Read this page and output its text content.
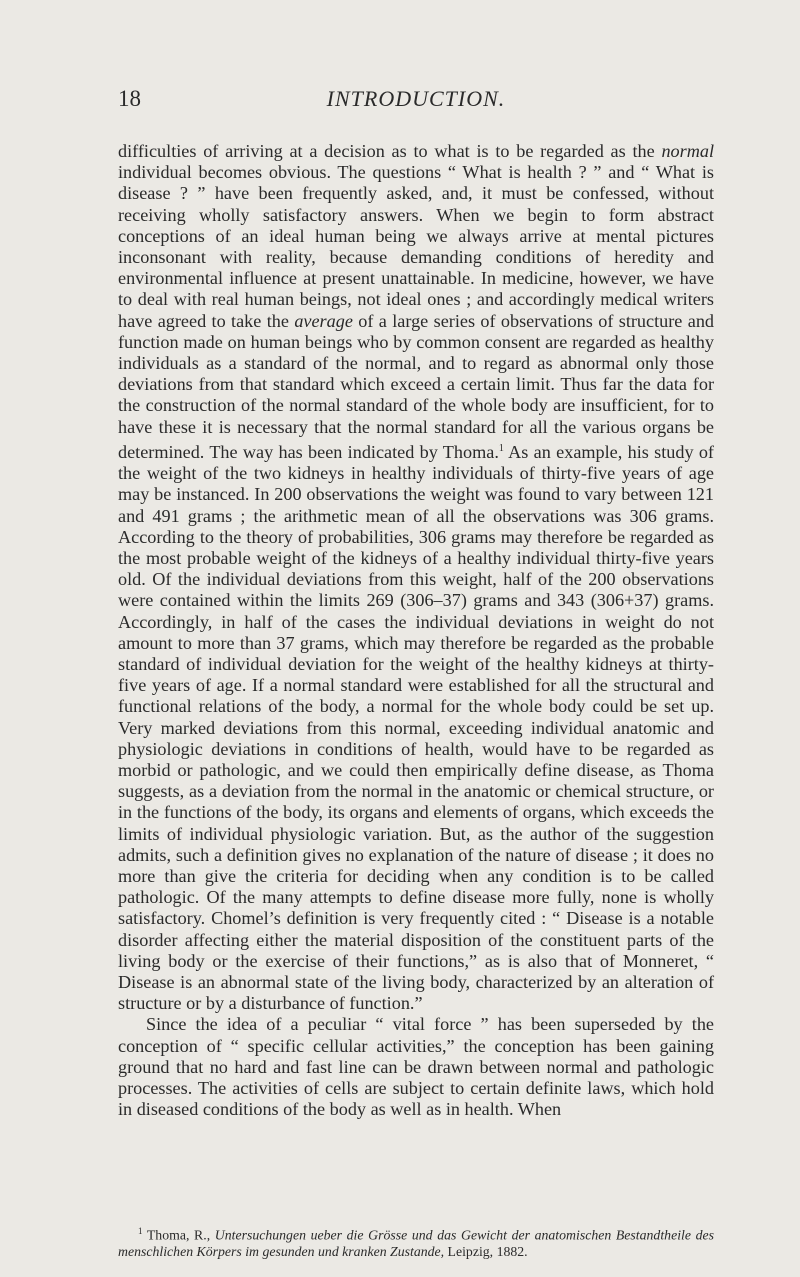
18	INTRODUCTION.

difficulties of arriving at a decision as to what is to be regarded as the normal individual becomes obvious. The questions “ What is health ? ” and “ What is disease ? ” have been frequently asked, and, it must be confessed, without receiving wholly satisfactory answers. When we begin to form abstract conceptions of an ideal human being we always arrive at mental pictures inconsonant with reality, because demanding conditions of heredity and environmental influence at present unattainable. In medicine, however, we have to deal with real human beings, not ideal ones ; and accordingly medical writers have agreed to take the average of a large series of observations of structure and function made on human beings who by common consent are regarded as healthy individuals as a standard of the normal, and to regard as abnormal only those deviations from that standard which exceed a certain limit. Thus far the data for the construction of the normal standard of the whole body are insufficient, for to have these it is necessary that the normal standard for all the various organs be determined. The way has been indicated by Thoma.$^1$ As an example, his study of the weight of the two kidneys in healthy individuals of thirty-five years of age may be instanced. In 200 observations the weight was found to vary between 121 and 491 grams ; the arithmetic mean of all the observations was 306 grams. According to the theory of probabilities, 306 grams may therefore be regarded as the most probable weight of the kidneys of a healthy individual thirty-five years old. Of the individual deviations from this weight, half of the 200 observations were contained within the limits 269 (306–37) grams and 343 (306+37) grams. Accordingly, in half of the cases the individual deviations in weight do not amount to more than 37 grams, which may therefore be regarded as the probable standard of individual deviation for the weight of the healthy kidneys at thirty-five years of age. If a normal standard were established for all the structural and functional relations of the body, a normal for the whole body could be set up. Very marked deviations from this normal, exceeding individual anatomic and physiologic deviations in conditions of health, would have to be regarded as morbid or pathologic, and we could then empirically define disease, as Thoma suggests, as a deviation from the normal in the anatomic or chemical structure, or in the functions of the body, its organs and elements of organs, which exceeds the limits of individual physiologic variation. But, as the author of the suggestion admits, such a definition gives no explanation of the nature of disease ; it does no more than give the criteria for deciding when any condition is to be called pathologic. Of the many attempts to define disease more fully, none is wholly satisfactory. Chomel’s definition is very frequently cited : “ Disease is a notable disorder affecting either the material disposition of the constituent parts of the living body or the exercise of their functions,” as is also that of Monneret, “ Disease is an abnormal state of the living body, characterized by an alteration of structure or by a disturbance of function.”

Since the idea of a peculiar “ vital force ” has been superseded by the conception of “ specific cellular activities,” the conception has been gaining ground that no hard and fast line can be drawn between normal and pathologic processes. The activities of cells are subject to certain definite laws, which hold in diseased conditions of the body as well as in health. When

$^1$ Thoma, R., Untersuchungen ueber die Grösse und das Gewicht der anatomischen Bestandtheile des menschlichen Körpers im gesunden und kranken Zustande, Leipzig, 1882.
